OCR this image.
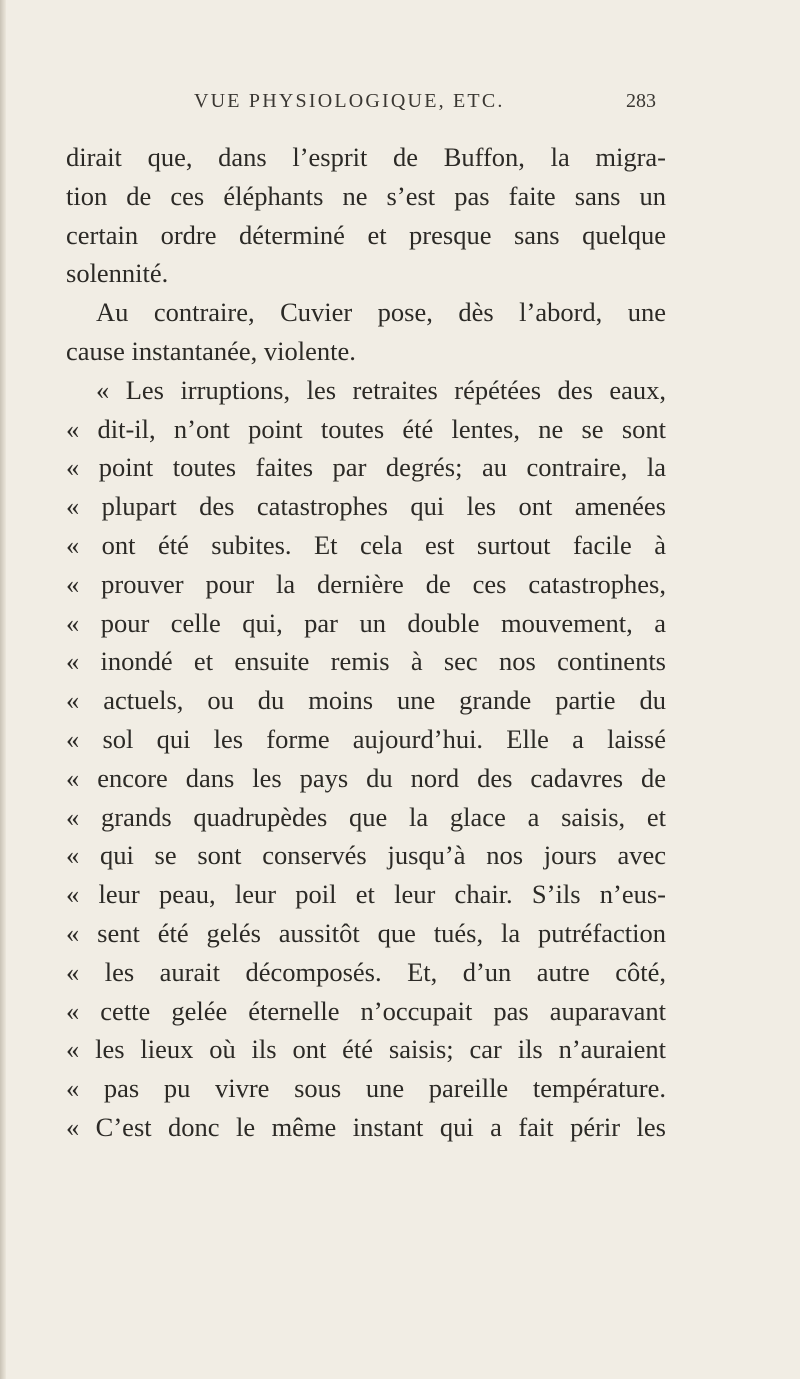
VUE PHYSIOLOGIQUE, ETC.	283
dirait que, dans l’esprit de Buffon, la migra-
tion de ces éléphants ne s’est pas faite sans un
certain ordre déterminé et presque sans quelque
solennité.
Au contraire, Cuvier pose, dès l’abord, une
cause instantanée, violente.
« Les irruptions, les retraites répétées des eaux,
« dit-il, n’ont point toutes été lentes, ne se sont
« point toutes faites par degrés; au contraire, la
« plupart des catastrophes qui les ont amenées
« ont été subites. Et cela est surtout facile à
« prouver pour la dernière de ces catastrophes,
« pour celle qui, par un double mouvement, a
« inondé et ensuite remis à sec nos continents
« actuels, ou du moins une grande partie du
« sol qui les forme aujourd’hui. Elle a laissé
« encore dans les pays du nord des cadavres de
« grands quadrupèdes que la glace a saisis, et
« qui se sont conservés jusqu’à nos jours avec
« leur peau, leur poil et leur chair. S’ils n’eus-
« sent été gelés aussitôt que tués, la putréfaction
« les aurait décomposés. Et, d’un autre côté,
« cette gelée éternelle n’occupait pas auparavant
« les lieux où ils ont été saisis; car ils n’auraient
« pas pu vivre sous une pareille température.
« C’est donc le même instant qui a fait périr les
